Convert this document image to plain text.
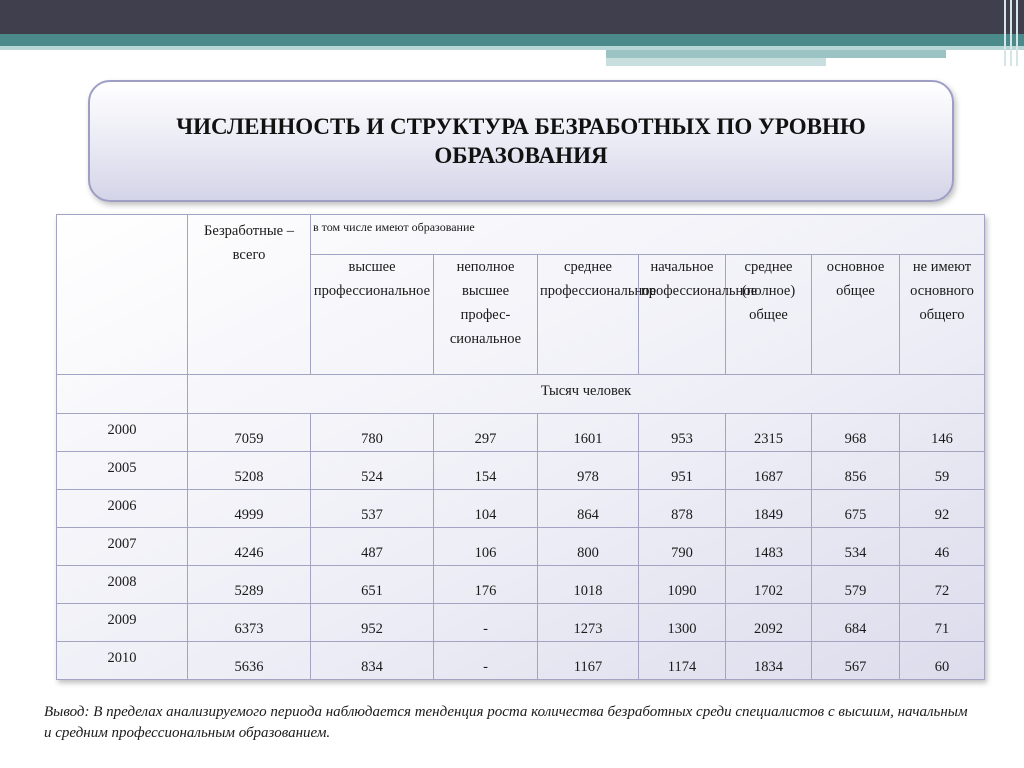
ЧИСЛЕННОСТЬ И СТРУКТУРА БЕЗРАБОТНЫХ ПО УРОВНЮ ОБРАЗОВАНИЯ
	Безработные – всего	в том числе имеют образование						
		высшее профессиональное	неполное высшее профес-сиональное	среднее профессиональное	начальное профессиональное	среднее (полное) общее	основное общее	не имеют основного общего
	Тысяч человек							
2000	7059	780	297	1601	953	2315	968	146
2005	5208	524	154	978	951	1687	856	59
2006	4999	537	104	864	878	1849	675	92
2007	4246	487	106	800	790	1483	534	46
2008	5289	651	176	1018	1090	1702	579	72
2009	6373	952	-	1273	1300	2092	684	71
2010	5636	834	-	1167	1174	1834	567	60
Вывод: В пределах анализируемого периода наблюдается тенденция роста количества безработных среди специалистов с высшим, начальным и средним профессиональным образованием.
